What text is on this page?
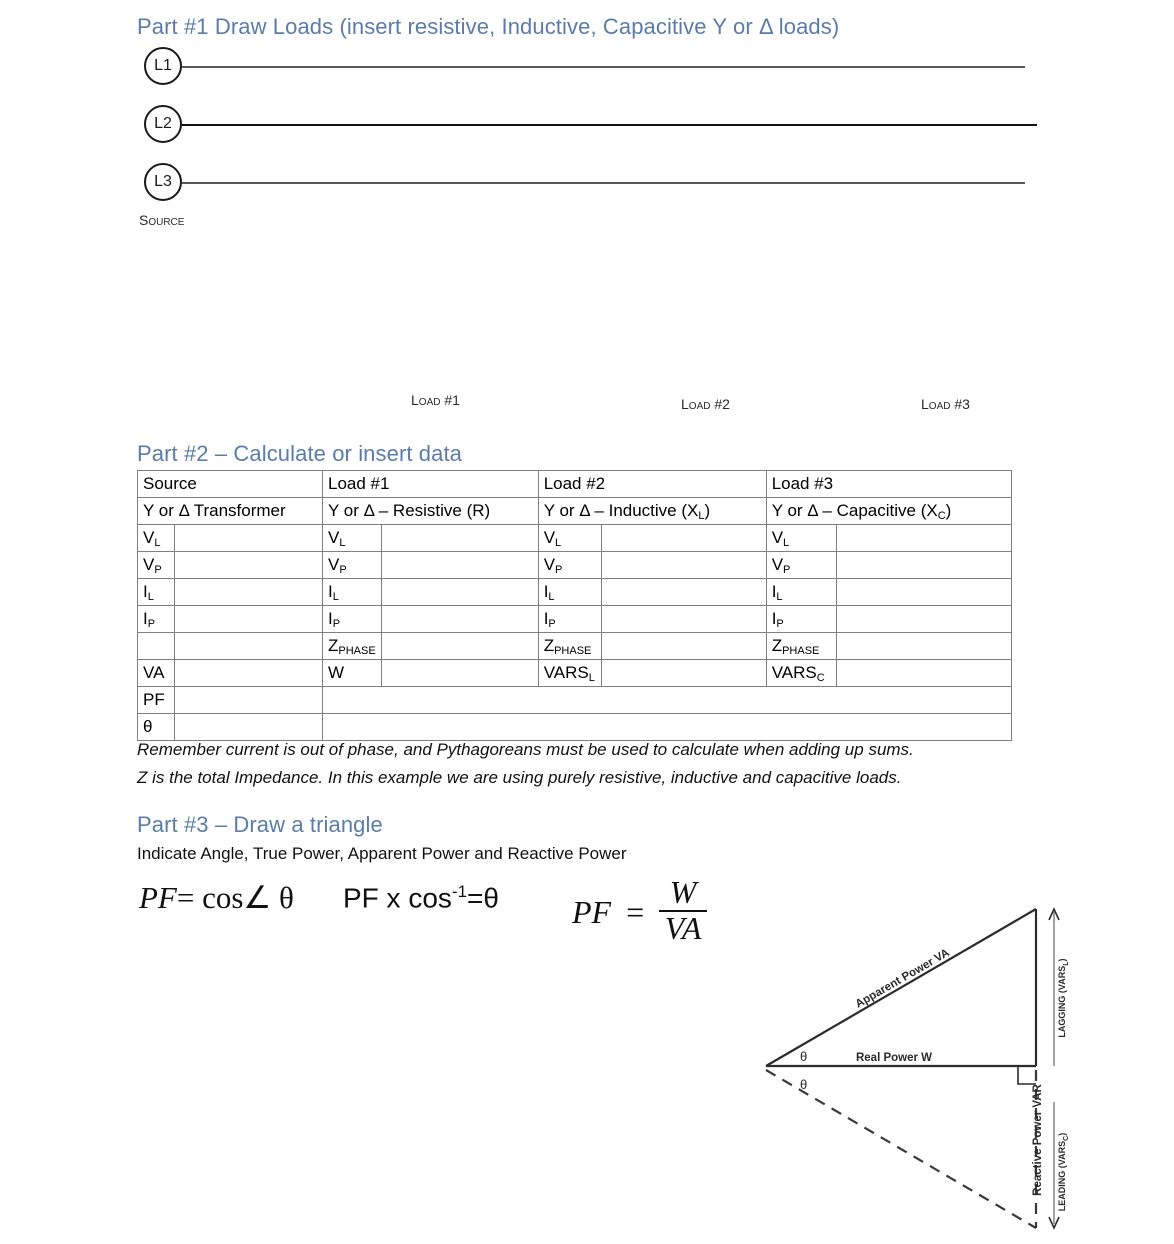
Part #1 Draw Loads (insert resistive, Inductive, Capacitive Y or Δ loads)
L1
L2
L3
Source
Load #1	Load #2	Load #3
Part #2 – Calculate or insert data
Source		Load #1		Load #2		Load #3	
Y or Δ Transformer		Y or Δ – Resistive (R)		Y or Δ – Inductive $(X_L)$		Y or Δ – Capacitive $(X_C)$	
$V_L$		$V_L$		$V_L$		$V_L$	
$V_P$		$V_P$		$V_P$		$V_P$	
$I_L$		$I_L$		$I_L$		$I_L$	
$I_P$		$I_P$		$I_P$		$I_P$	
		$Z_{PHASE}$		$Z_{PHASE}$		$Z_{PHASE}$	
VA		W		$VARS_L$		$VARS_C$	
PF							
θ							
Remember current is out of phase, and Pythagoreans must be used to calculate when adding up sums.
Z is the total Impedance. In this example we are using purely resistive, inductive and capacitive loads.
Part #3 – Draw a triangle
Indicate Angle, True Power, Apparent Power and Reactive Power
PF= cos∠ θ PF x $\cos^{-1}=\theta$ PF = $\frac{W}{VA}$
Apparent Power VA
Real Power W
Reactive Power VAR
LAGGING $(VARS_L)$
LEADING $(VARS_C)$
θ
θ
